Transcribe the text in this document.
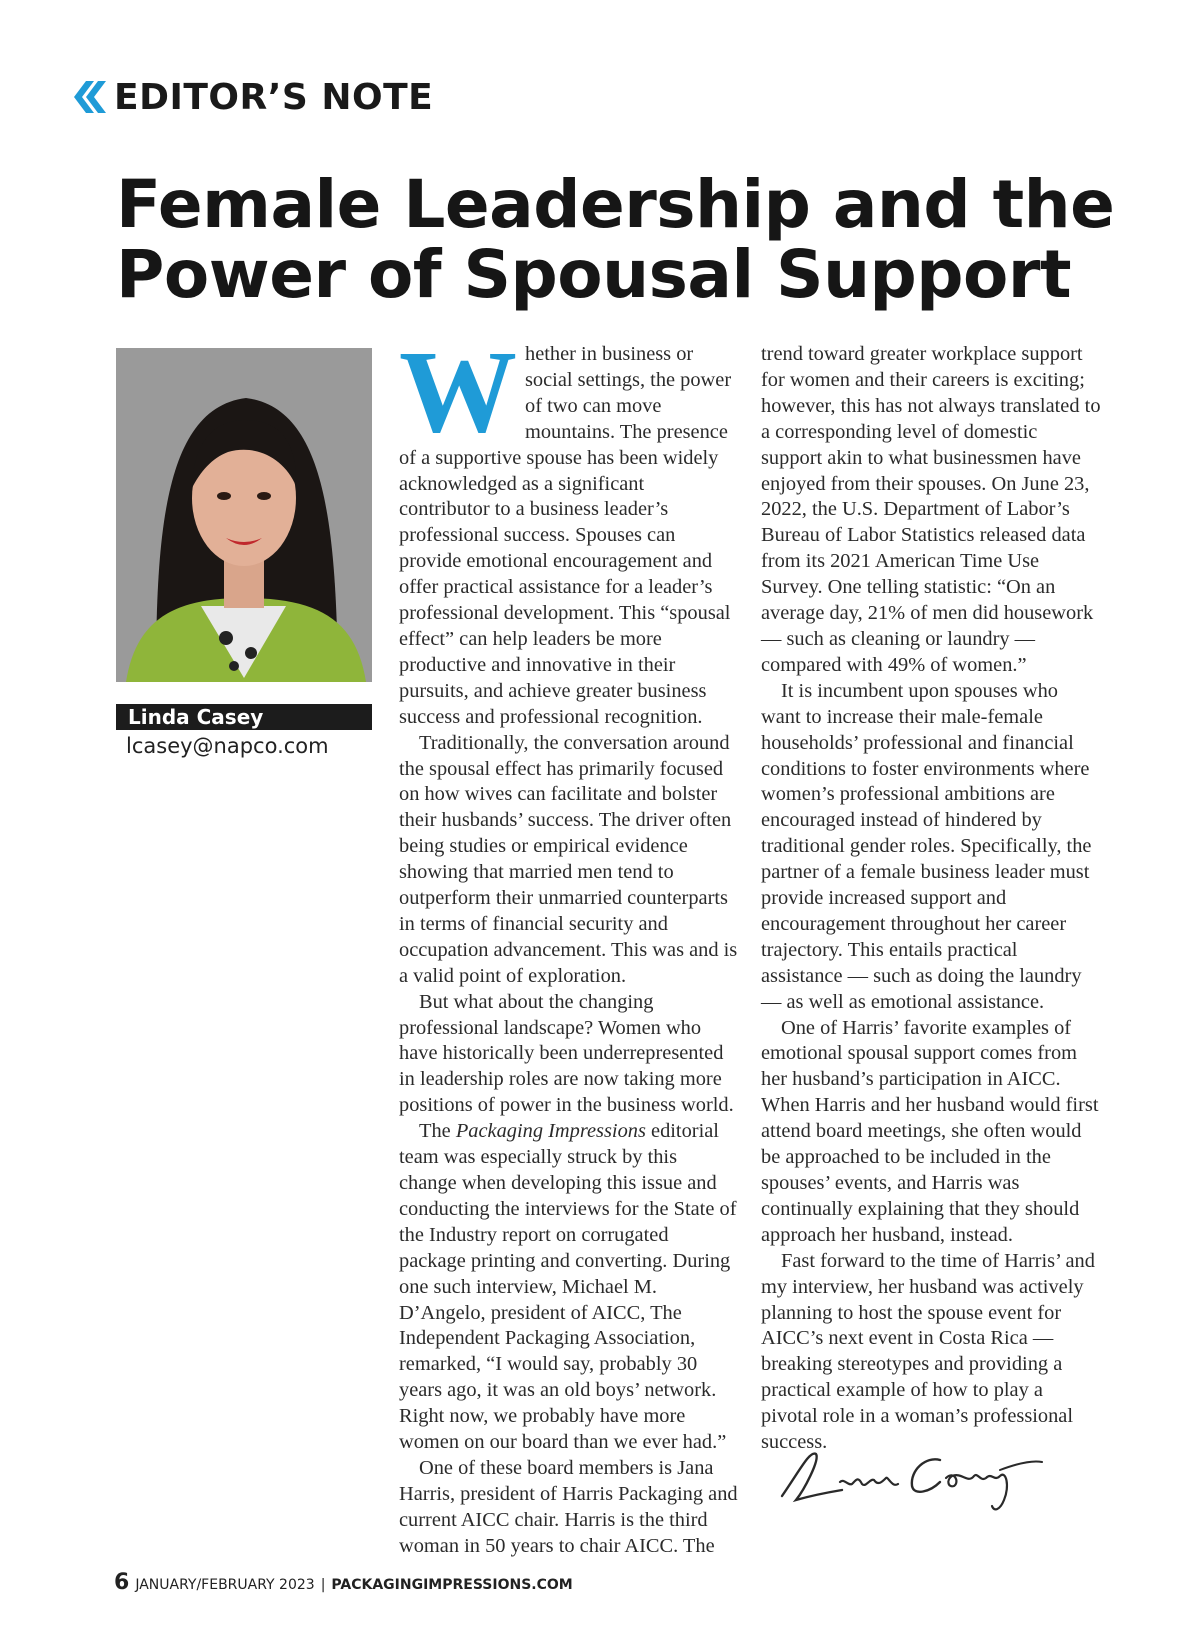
EDITOR’S NOTE
Female Leadership and the
Power of Spousal Support
Linda Casey
lcasey@napco.com
W hether in business or social settings, the power of two can move mountains. The presence of a supportive spouse has been widely acknowledged as a significant contributor to a business leader’s professional success. Spouses can provide emotional encouragement and offer practical assistance for a leader’s professional development. This “spousal effect” can help leaders be more productive and innovative in their pursuits, and achieve greater business success and professional recognition.

Traditionally, the conversation around the spousal effect has primarily focused on how wives can facilitate and bolster their husbands’ success. The driver often being studies or empirical evidence showing that married men tend to outperform their unmarried counterparts in terms of financial security and occupation advancement. This was and is a valid point of exploration.

But what about the changing professional landscape? Women who have historically been underrepresented in leadership roles are now taking more positions of power in the business world.

The Packaging Impressions editorial team was especially struck by this change when developing this issue and conducting the interviews for the State of the Industry report on corrugated package printing and converting. During one such interview, Michael M. D’Angelo, president of AICC, The Independent Packaging Association, remarked, “I would say, probably 30 years ago, it was an old boys’ network. Right now, we probably have more women on our board than we ever had.”

One of these board members is Jana Harris, president of Harris Packaging and current AICC chair. Harris is the third woman in 50 years to chair AICC. The

trend toward greater workplace support for women and their careers is exciting; however, this has not always translated to a corresponding level of domestic support akin to what businessmen have enjoyed from their spouses. On June 23, 2022, the U.S. Department of Labor’s Bureau of Labor Statistics released data from its 2021 American Time Use Survey. One telling statistic: “On an average day, 21% of men did housework — such as cleaning or laundry — compared with 49% of women.”

It is incumbent upon spouses who want to increase their male-female households’ professional and financial conditions to foster environments where women’s professional ambitions are encouraged instead of hindered by traditional gender roles. Specifically, the partner of a female business leader must provide increased support and encouragement throughout her career trajectory. This entails practical assistance — such as doing the laundry — as well as emotional assistance.

One of Harris’ favorite examples of emotional spousal support comes from her husband’s participation in AICC. When Harris and her husband would first attend board meetings, she often would be approached to be included in the spouses’ events, and Harris was continually explaining that they should approach her husband, instead.

Fast forward to the time of Harris’ and my interview, her husband was actively planning to host the spouse event for AICC’s next event in Costa Rica — breaking stereotypes and providing a practical example of how to play a pivotal role in a woman’s professional success.

6 JANUARY/FEBRUARY 2023 | PACKAGINGIMPRESSIONS.COM
